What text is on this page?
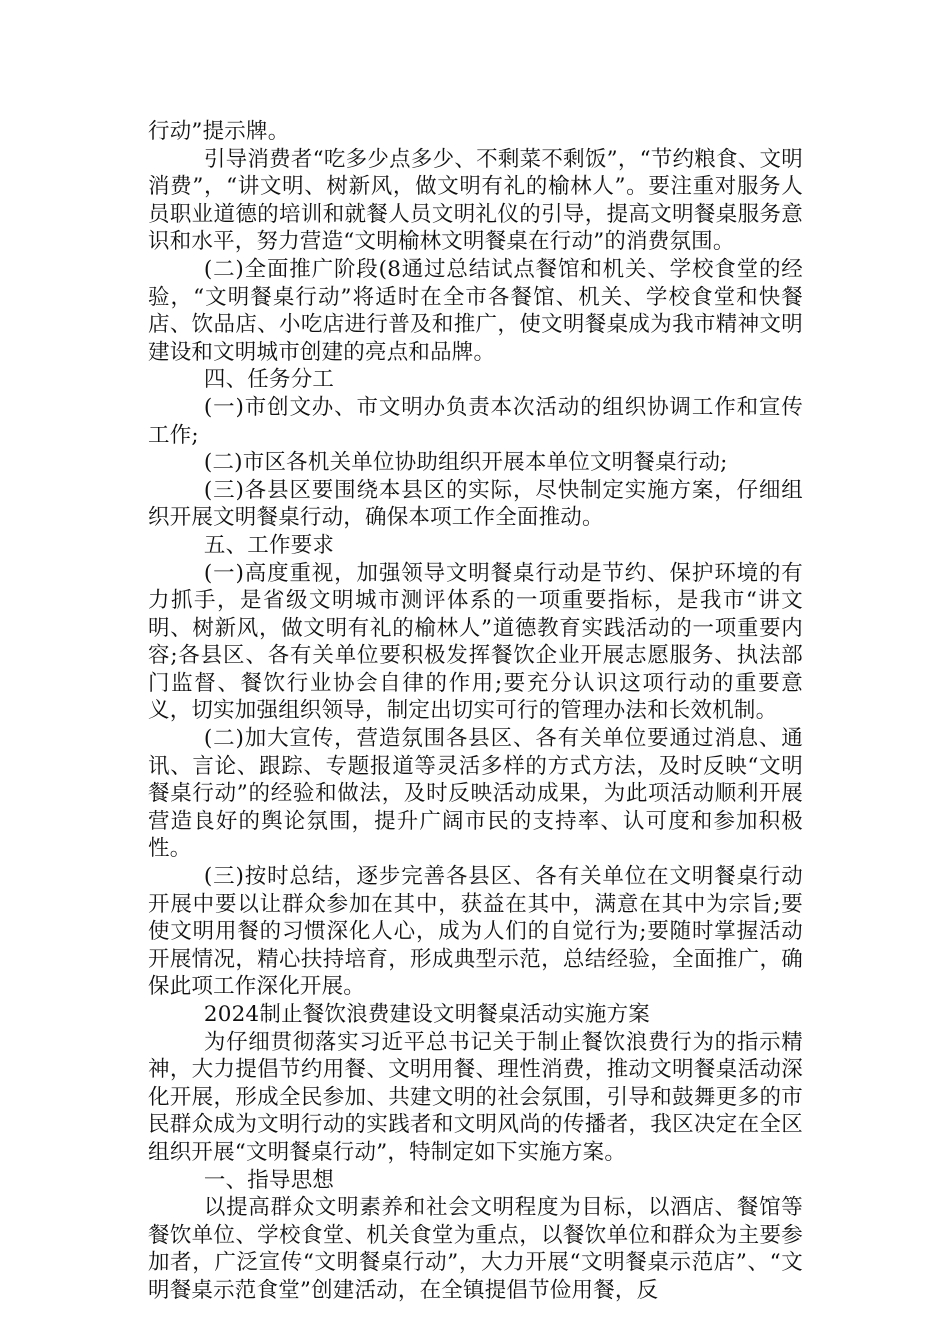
行动”提示牌。

引导消费者“吃多少点多少、不剩菜不剩饭”，“节约粮食、文明消费”，“讲文明、树新风，做文明有礼的榆林人”。要注重对服务人员职业道德的培训和就餐人员文明礼仪的引导，提高文明餐桌服务意识和水平，努力营造“文明榆林文明餐桌在行动”的消费氛围。

(二)全面推广阶段(8通过总结试点餐馆和机关、学校食堂的经验，“文明餐桌行动”将适时在全市各餐馆、机关、学校食堂和快餐店、饮品店、小吃店进行普及和推广，使文明餐桌成为我市精神文明建设和文明城市创建的亮点和品牌。

四、任务分工

(一)市创文办、市文明办负责本次活动的组织协调工作和宣传工作;

(二)市区各机关单位协助组织开展本单位文明餐桌行动;

(三)各县区要围绕本县区的实际，尽快制定实施方案，仔细组织开展文明餐桌行动，确保本项工作全面推动。

五、工作要求

(一)高度重视，加强领导文明餐桌行动是节约、保护环境的有力抓手，是省级文明城市测评体系的一项重要指标，是我市“讲文明、树新风，做文明有礼的榆林人”道德教育实践活动的一项重要内容;各县区、各有关单位要积极发挥餐饮企业开展志愿服务、执法部门监督、餐饮行业协会自律的作用;要充分认识这项行动的重要意义，切实加强组织领导，制定出切实可行的管理办法和长效机制。

(二)加大宣传，营造氛围各县区、各有关单位要通过消息、通讯、言论、跟踪、专题报道等灵活多样的方式方法，及时反映“文明餐桌行动”的经验和做法，及时反映活动成果，为此项活动顺利开展营造良好的舆论氛围，提升广阔市民的支持率、认可度和参加积极性。

(三)按时总结，逐步完善各县区、各有关单位在文明餐桌行动开展中要以让群众参加在其中，获益在其中，满意在其中为宗旨;要使文明用餐的习惯深化人心，成为人们的自觉行为;要随时掌握活动开展情况，精心扶持培育，形成典型示范，总结经验，全面推广，确保此项工作深化开展。

2024制止餐饮浪费建设文明餐桌活动实施方案

为仔细贯彻落实习近平总书记关于制止餐饮浪费行为的指示精神，大力提倡节约用餐、文明用餐、理性消费，推动文明餐桌活动深化开展，形成全民参加、共建文明的社会氛围，引导和鼓舞更多的市民群众成为文明行动的实践者和文明风尚的传播者，我区决定在全区组织开展“文明餐桌行动”，特制定如下实施方案。

一、指导思想

以提高群众文明素养和社会文明程度为目标，以酒店、餐馆等餐饮单位、学校食堂、机关食堂为重点，以餐饮单位和群众为主要参加者，广泛宣传“文明餐桌行动”，大力开展“文明餐桌示范店”、“文明餐桌示范食堂”创建活动，在全镇提倡节俭用餐，反
